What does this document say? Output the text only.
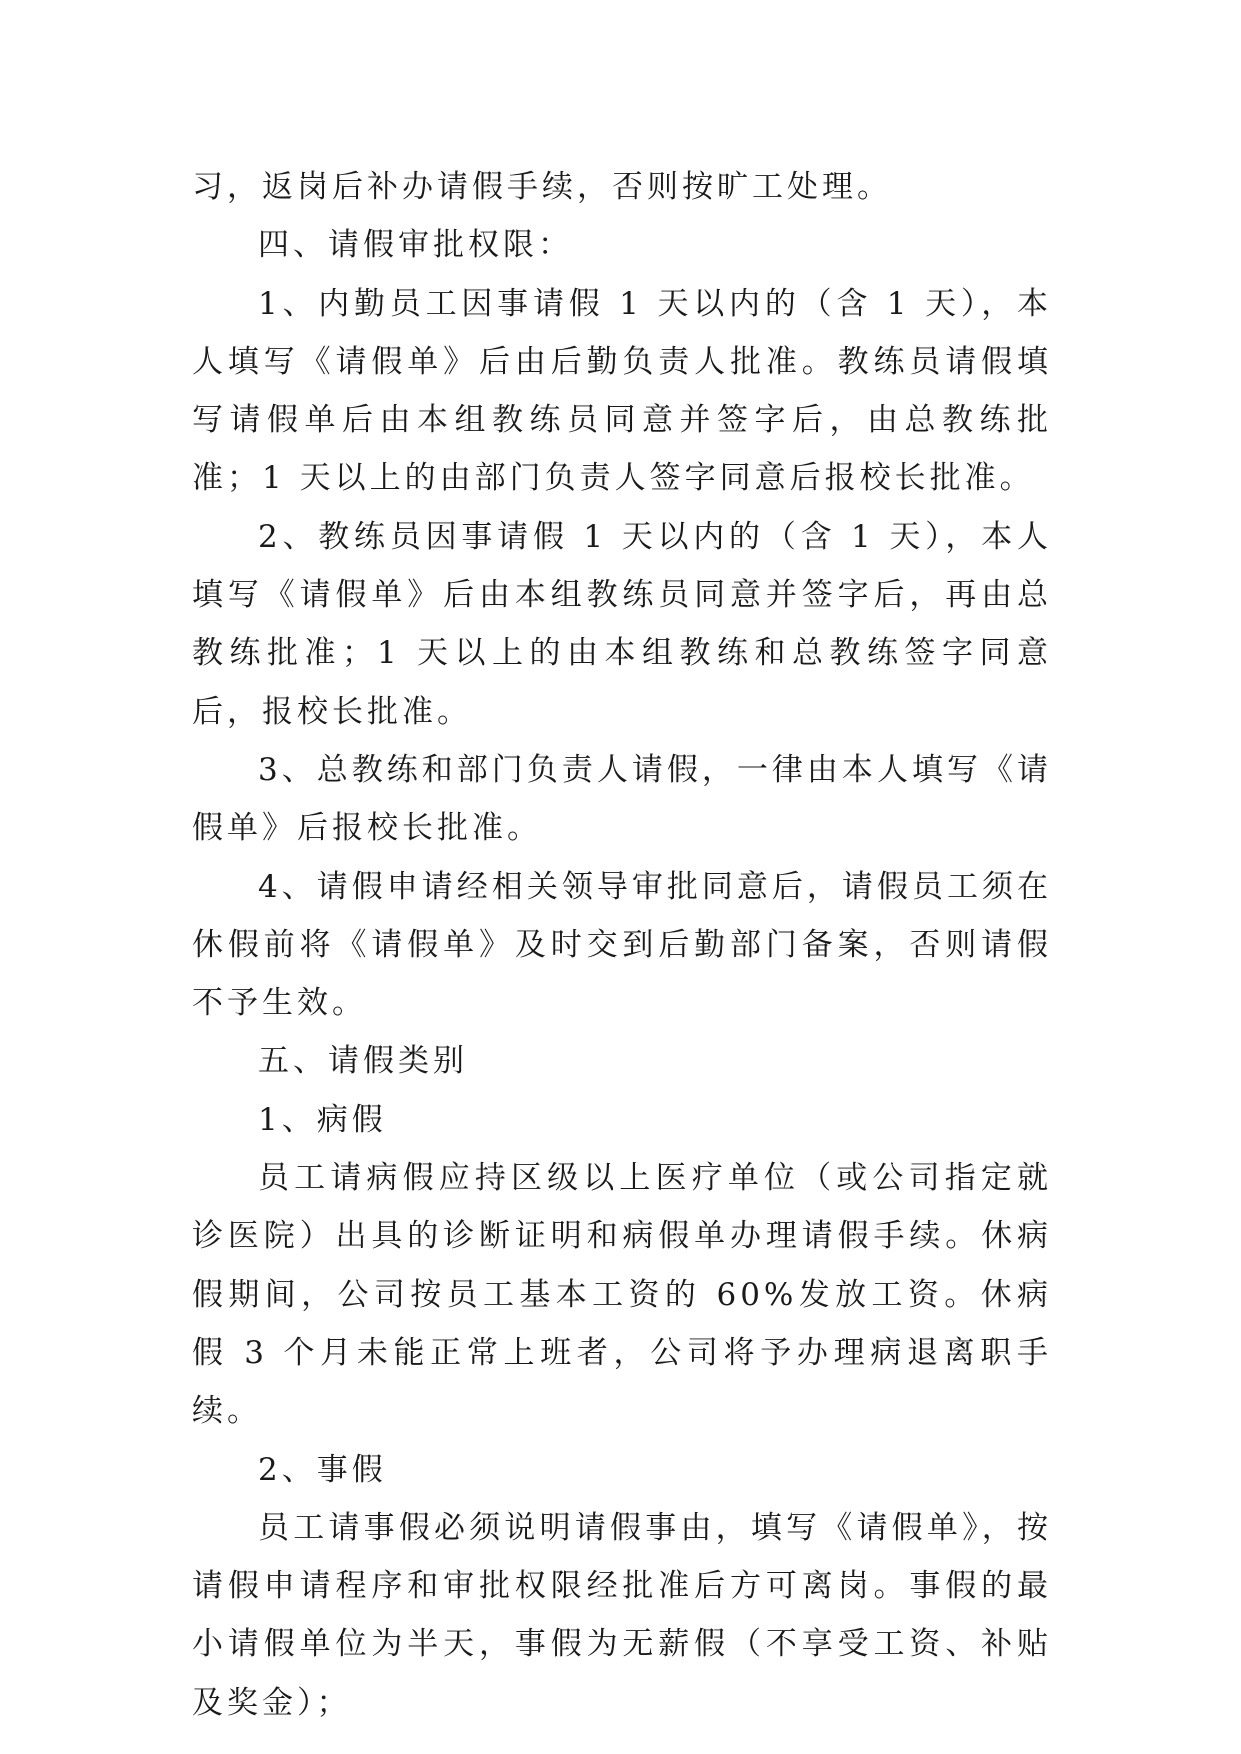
习，返岗后补办请假手续，否则按旷工处理。

四、请假审批权限：

1、内勤员工因事请假 1 天以内的（含 1 天），本人填写《请假单》后由后勤负责人批准。教练员请假填写请假单后由本组教练员同意并签字后，由总教练批准；1 天以上的由部门负责人签字同意后报校长批准。

2、教练员因事请假 1 天以内的（含 1 天），本人填写《请假单》后由本组教练员同意并签字后，再由总教练批准；1 天以上的由本组教练和总教练签字同意后，报校长批准。

3、总教练和部门负责人请假，一律由本人填写《请假单》后报校长批准。

4、请假申请经相关领导审批同意后，请假员工须在休假前将《请假单》及时交到后勤部门备案，否则请假不予生效。

五、请假类别

1、病假

员工请病假应持区级以上医疗单位（或公司指定就诊医院）出具的诊断证明和病假单办理请假手续。休病假期间，公司按员工基本工资的 60%发放工资。休病假 3 个月未能正常上班者，公司将予办理病退离职手续。

2、事假

员工请事假必须说明请假事由，填写《请假单》，按请假申请程序和审批权限经批准后方可离岗。事假的最小请假单位为半天，事假为无薪假（不享受工资、补贴及奖金）；
